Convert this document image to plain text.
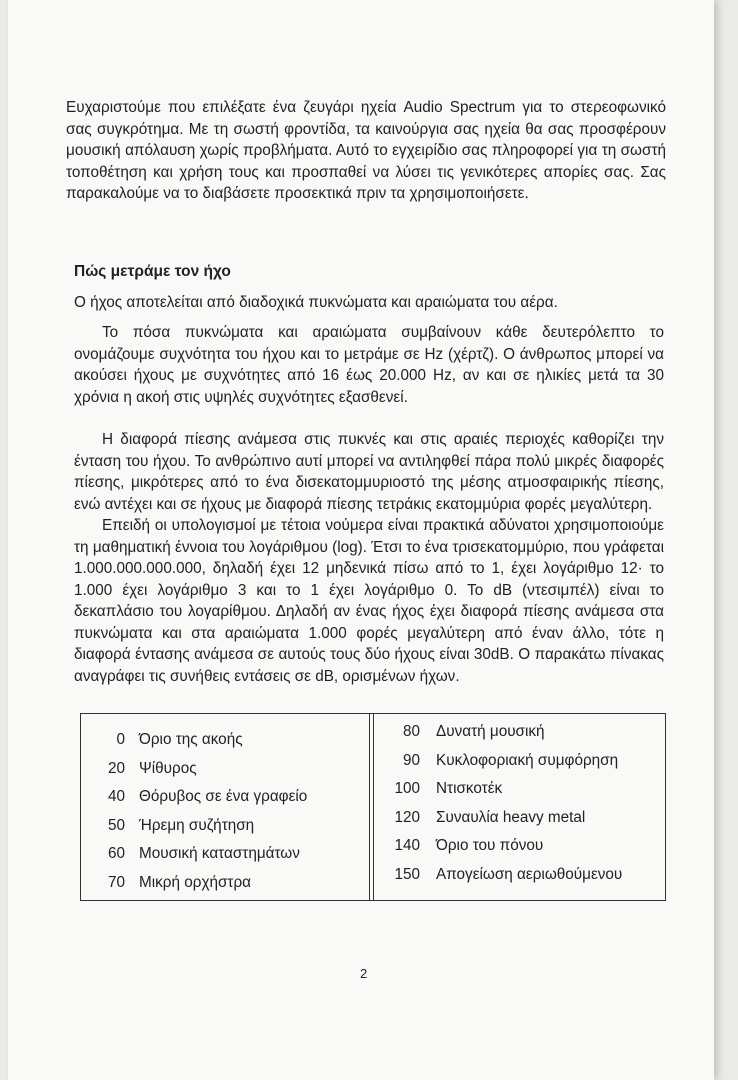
Ευχαριστούμε που επιλέξατε ένα ζευγάρι ηχεία Audio Spectrum για το στερεοφωνικό σας συγκρότημα. Με τη σωστή φροντίδα, τα καινούργια σας ηχεία θα σας προσφέρουν μουσική απόλαυση χωρίς προβλήματα. Αυτό το εγχειρίδιο σας πληροφορεί για τη σωστή τοποθέτηση και χρήση τους και προσπαθεί να λύσει τις γενικότερες απορίες σας. Σας παρακαλούμε να το διαβάσετε προσεκτικά πριν τα χρησιμοποιήσετε.

Πώς μετράμε τον ήχο

Ο ήχος αποτελείται από διαδοχικά πυκνώματα και αραιώματα του αέρα.

Το πόσα πυκνώματα και αραιώματα συμβαίνουν κάθε δευτερόλεπτο το ονομάζουμε συχνότητα του ήχου και το μετράμε σε Hz (χέρτζ). Ο άνθρωπος μπορεί να ακούσει ήχους με συχνότητες από 16 έως 20.000 Hz, αν και σε ηλικίες μετά τα 30 χρόνια η ακοή στις υψηλές συχνότητες εξασθενεί.

Η διαφορά πίεσης ανάμεσα στις πυκνές και στις αραιές περιοχές καθορίζει την ένταση του ήχου. Το ανθρώπινο αυτί μπορεί να αντιληφθεί πάρα πολύ μικρές διαφορές πίεσης, μικρότερες από το ένα δισεκατομμυριοστό της μέσης ατμοσφαιρικής πίεσης, ενώ αντέχει και σε ήχους με διαφορά πίεσης τετράκις εκατομμύρια φορές μεγαλύτερη.

Επειδή οι υπολογισμοί με τέτοια νούμερα είναι πρακτικά αδύνατοι χρησιμοποιούμε τη μαθηματική έννοια του λογάριθμου (log). Έτσι το ένα τρισεκατομμύριο, που γράφεται 1.000.000.000.000, δηλαδή έχει 12 μηδενικά πίσω από το 1, έχει λογάριθμο 12· το 1.000 έχει λογάριθμο 3 και το 1 έχει λογάριθμο 0. Το dB (ντεσιμπέλ) είναι το δεκαπλάσιο του λογαρίθμου. Δηλαδή αν ένας ήχος έχει διαφορά πίεσης ανάμεσα στα πυκνώματα και στα αραιώματα 1.000 φορές μεγαλύτερη από έναν άλλο, τότε η διαφορά έντασης ανάμεσα σε αυτούς τους δύο ήχους είναι 30dB. Ο παρακάτω πίνακας αναγράφει τις συνήθεις εντάσεις σε dB, ορισμένων ήχων.

0 Όριο της ακοής
20 Ψίθυρος
40 Θόρυβος σε ένα γραφείο
50 Ήρεμη συζήτηση
60 Μουσική καταστημάτων
70 Μικρή ορχήστρα
80 Δυνατή μουσική
90 Κυκλοφοριακή συμφόρηση
100 Ντισκοτέκ
120 Συναυλία heavy metal
140 Όριο του πόνου
150 Απογείωση αεριωθούμενου
2
